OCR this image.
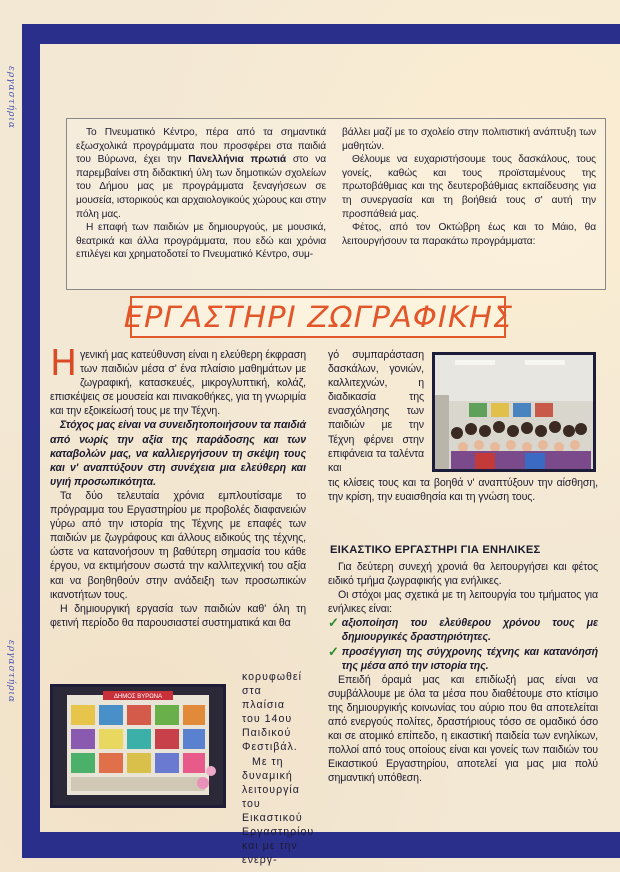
εργαστήρια
εργαστήρια

Το Πνευματικό Κέντρο, πέρα από τα σημαντικά εξωσχολικά προγράμματα που προσφέρει στα παιδιά του Βύρωνα, έχει την Πανελλήνια πρωτιά στο να παρεμβαίνει στη διδακτική ύλη των δημοτικών σχολείων του Δήμου μας με προγράμματα ξεναγήσεων σε μουσεία, ιστορικούς και αρχαιολογικούς χώρους και στην πόλη μας.

Η επαφή των παιδιών με δημιουργούς, με μουσικά, θεατρικά και άλλα προγράμματα, που εδώ και χρόνια επιλέγει και χρηματοδοτεί το Πνευματικό Κέντρο, συμ-

βάλλει μαζί με το σχολείο στην πολιτιστική ανάπτυξη των μαθητών.

Θέλουμε να ευχαριστήσουμε τους δασκάλους, τους γονείς, καθώς και τους προϊσταμένους της πρωτοβάθμιας και της δευτεροβάθμιας εκπαίδευσης για τη συνεργασία και τη βοήθειά τους σ' αυτή την προσπάθειά μας.

Φέτος, από τον Οκτώβρη έως και το Μάιο, θα λειτουργήσουν τα παρακάτω προγράμματα:

ΕΡΓΑΣΤΗΡΙ ΖΩΓΡΑΦΙΚΗΣ

Η γενική μας κατεύθυνση είναι η ελεύθερη έκφραση των παιδιών μέσα σ' ένα πλαίσιο μαθημάτων με ζωγραφική, κατασκευές, μικρογλυπτική, κολάζ, επισκέψεις σε μουσεία και πινακοθήκες, για τη γνωριμία και την εξοικείωσή τους με την Τέχνη.

Στόχος μας είναι να συνειδητοποιήσουν τα παιδιά από νωρίς την αξία της παράδοσης και των καταβολών μας, να καλλιεργήσουν τη σκέψη τους και ν' αναπτύξουν στη συνέχεια μια ελεύθερη και υγιή προσωπικότητα.

Τα δύο τελευταία χρόνια εμπλουτίσαμε το πρόγραμμα του Εργαστηρίου με προβολές διαφανειών γύρω από την ιστορία της Τέχνης με επαφές των παιδιών με ζωγράφους και άλλους ειδικούς της τέχνης, ώστε να κατανοήσουν τη βαθύτερη σημασία του κάθε έργου, να εκτιμήσουν σωστά την καλλιτεχνική του αξία και να βοηθηθούν στην ανάδειξη των προσωπικών ικανοτήτων τους.

Η δημιουργική εργασία των παιδιών καθ' όλη τη φετινή περίοδο θα παρουσιαστεί συστηματικά και θα

κορυφωθεί στα πλαίσια του 14ου Παιδικού Φεστιβάλ.

Με τη δυναμική λειτουργία του Εικαστικού Εργαστηρίου και με την ενεργ-

γό συμπαράσταση δασκάλων, γονιών, καλλιτεχνών, η διαδικασία της ενασχόλησης των παιδιών με την Τέχνη φέρνει στην επιφάνεια τα ταλέντα και

τις κλίσεις τους και τα βοηθά ν' αναπτύξουν την αίσθηση, την κρίση, την ευαισθησία και τη γνώση τους.

ΕΙΚΑΣΤΙΚΟ ΕΡΓΑΣΤΗΡΙ ΓΙΑ ΕΝΗΛΙΚΕΣ

Για δεύτερη συνεχή χρονιά θα λειτουργήσει και φέτος ειδικό τμήμα ζωγραφικής για ενήλικες.

Οι στόχοι μας σχετικά με τη λειτουργία του τμήματος για ενήλικες είναι:

✓ αξιοποίηση του ελεύθερου χρόνου τους με δημιουργικές δραστηριότητες.
✓ προσέγγιση της σύγχρονης τέχνης και κατανόησή της μέσα από την ιστορία της.

Επειδή όραμά μας και επιδίωξή μας είναι να συμβάλλουμε με όλα τα μέσα που διαθέτουμε στο κτίσιμο της δημιουργικής κοινωνίας του αύριο που θα αποτελείται από ενεργούς πολίτες, δραστήριους τόσο σε ομαδικό όσο και σε ατομικό επίπεδο, η εικαστική παιδεία των ενηλίκων, πολλοί από τους οποίους είναι και γονείς των παιδιών του Εικαστικού Εργαστηρίου, αποτελεί για μας μια πολύ σημαντική υπόθεση.

ΔΗΜΟΣ ΒΥΡΩΝΑ
